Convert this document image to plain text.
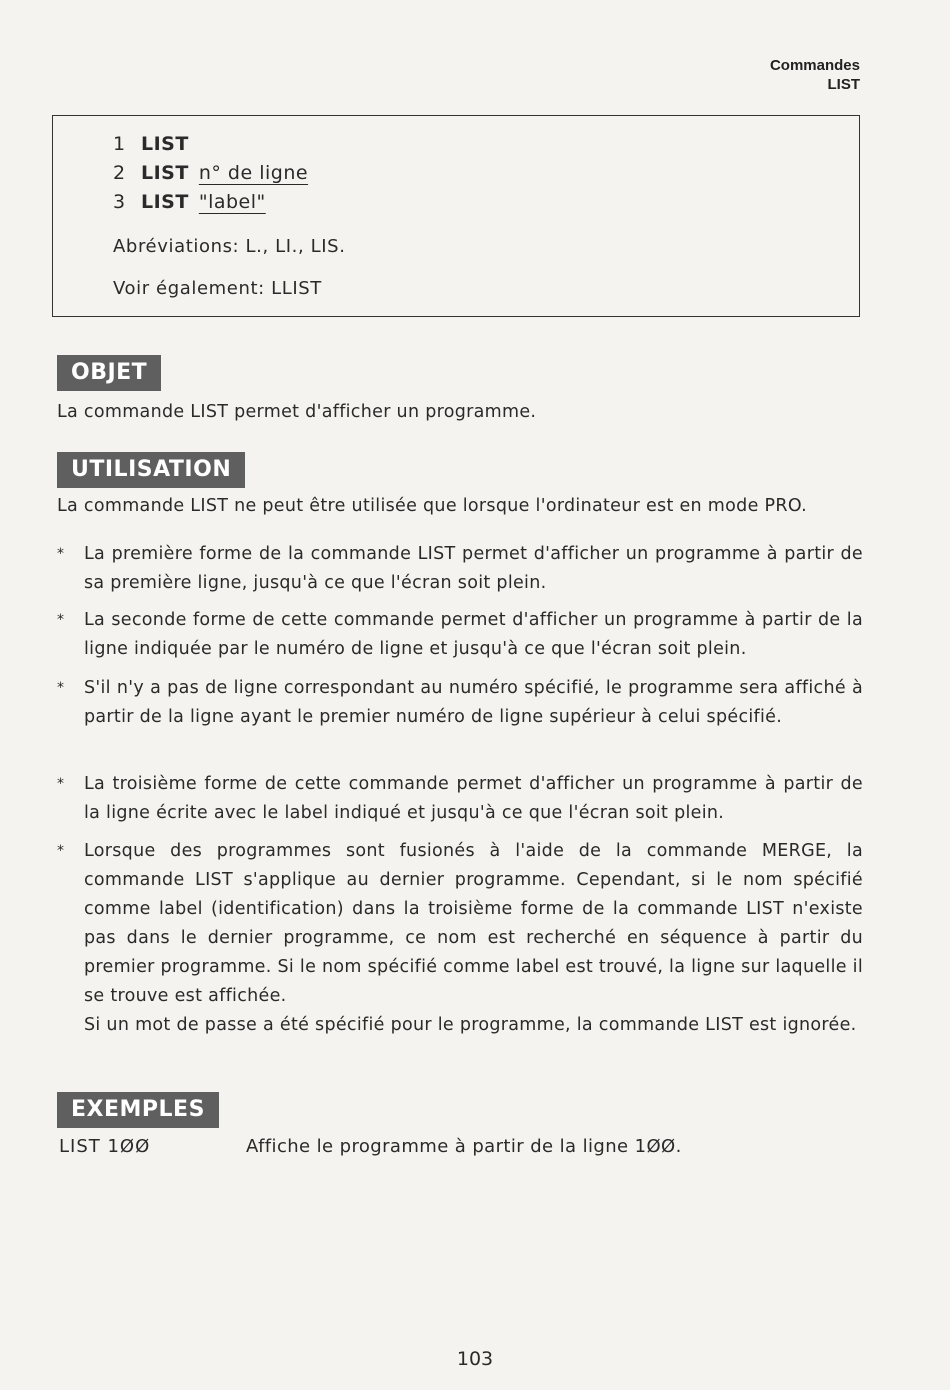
Commandes
LIST
1 LIST
2 LIST n° de ligne
3 LIST "label"
Abréviations: L., LI., LIS.
Voir également: LLIST
OBJET
La commande LIST permet d'afficher un programme.
UTILISATION
La commande LIST ne peut être utilisée que lorsque l'ordinateur est en mode PRO.
*	La première forme de la commande LIST permet d'afficher un programme à partir de sa première ligne, jusqu'à ce que l'écran soit plein.
*	La seconde forme de cette commande permet d'afficher un programme à partir de la ligne indiquée par le numéro de ligne et jusqu'à ce que l'écran soit plein.
*	S'il n'y a pas de ligne correspondant au numéro spécifié, le programme sera affiché à partir de la ligne ayant le premier numéro de ligne supérieur à celui spécifié.
*	La troisième forme de cette commande permet d'afficher un programme à partir de la ligne écrite avec le label indiqué et jusqu'à ce que l'écran soit plein.
*	Lorsque des programmes sont fusionés à l'aide de la commande MERGE, la commande LIST s'applique au dernier programme. Cependant, si le nom spécifié comme label (identification) dans la troisième forme de la commande LIST n'existe pas dans le dernier programme, ce nom est recherché en séquence à partir du premier programme. Si le nom spécifié comme label est trouvé, la ligne sur laquelle il se trouve est affichée.
Si un mot de passe a été spécifié pour le programme, la commande LIST est ignorée.
EXEMPLES
LIST 1ØØ	Affiche le programme à partir de la ligne 1ØØ.
103
